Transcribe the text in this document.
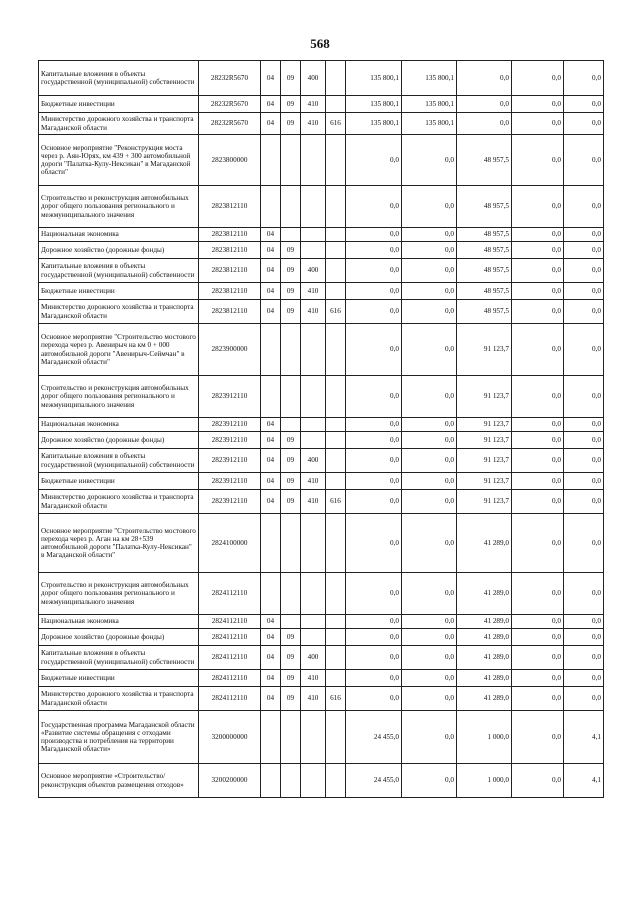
568
Капитальные вложения в объекты государственной (муниципальной) собственности	28232R5670	04	09	400		135 800,1	135 800,1	0,0	0,0	0,0
Бюджетные инвестиции	28232R5670	04	09	410		135 800,1	135 800,1	0,0	0,0	0,0
Министерство дорожного хозяйства и транспорта Магаданской области	28232R5670	04	09	410	616	135 800,1	135 800,1	0,0	0,0	0,0
Основное мероприятие "Реконструкция моста через р. Аян-Юрях, км 439 + 300 автомобильной дороги "Палатка-Кулу-Нексикан" в Магаданской области"	2823800000					0,0	0,0	48 957,5	0,0	0,0
Строительство и реконструкция автомобильных дорог общего пользования регионального и межмуниципального значения	2823812110					0,0	0,0	48 957,5	0,0	0,0
Национальная экономика	2823812110	04				0,0	0,0	48 957,5	0,0	0,0
Дорожное хозяйство (дорожные фонды)	2823812110	04	09			0,0	0,0	48 957,5	0,0	0,0
Капитальные вложения в объекты государственной (муниципальной) собственности	2823812110	04	09	400		0,0	0,0	48 957,5	0,0	0,0
Бюджетные инвестиции	2823812110	04	09	410		0,0	0,0	48 957,5	0,0	0,0
Министерство дорожного хозяйства и транспорта Магаданской области	2823812110	04	09	410	616	0,0	0,0	48 957,5	0,0	0,0
Основное мероприятие "Строительство мостового перехода через р. Авенирыч на км 0 + 000 автомобильной дороги "Авенирыч-Сеймчан" в Магаданской области"	2823900000					0,0	0,0	91 123,7	0,0	0,0
Строительство и реконструкция автомобильных дорог общего пользования регионального и межмуниципального значения	2823912110					0,0	0,0	91 123,7	0,0	0,0
Национальная экономика	2823912110	04				0,0	0,0	91 123,7	0,0	0,0
Дорожное хозяйство (дорожные фонды)	2823912110	04	09			0,0	0,0	91 123,7	0,0	0,0
Капитальные вложения в объекты государственной (муниципальной) собственности	2823912110	04	09	400		0,0	0,0	91 123,7	0,0	0,0
Бюджетные инвестиции	2823912110	04	09	410		0,0	0,0	91 123,7	0,0	0,0
Министерство дорожного хозяйства и транспорта Магаданской области	2823912110	04	09	410	616	0,0	0,0	91 123,7	0,0	0,0
Основное мероприятие "Строительство мостового перехода через р. Аган на км 28+539 автомобильной дороги "Палатка-Кулу-Нексикан" в Магаданской области"	2824100000					0,0	0,0	41 289,0	0,0	0,0
Строительство и реконструкция автомобильных дорог общего пользования регионального и межмуниципального значения	2824112110					0,0	0,0	41 289,0	0,0	0,0
Национальная экономика	2824112110	04				0,0	0,0	41 289,0	0,0	0,0
Дорожное хозяйство (дорожные фонды)	2824112110	04	09			0,0	0,0	41 289,0	0,0	0,0
Капитальные вложения в объекты государственной (муниципальной) собственности	2824112110	04	09	400		0,0	0,0	41 289,0	0,0	0,0
Бюджетные инвестиции	2824112110	04	09	410		0,0	0,0	41 289,0	0,0	0,0
Министерство дорожного хозяйства и транспорта Магаданской области	2824112110	04	09	410	616	0,0	0,0	41 289,0	0,0	0,0
Государственная программа Магаданской области «Развитие системы обращения с отходами производства и потребления на территории Магаданской области»	3200000000					24 455,0	0,0	1 000,0	0,0	4,1
Основное мероприятие «Строительство/реконструкция объектов размещения отходов»	3200200000					24 455,0	0,0	1 000,0	0,0	4,1
